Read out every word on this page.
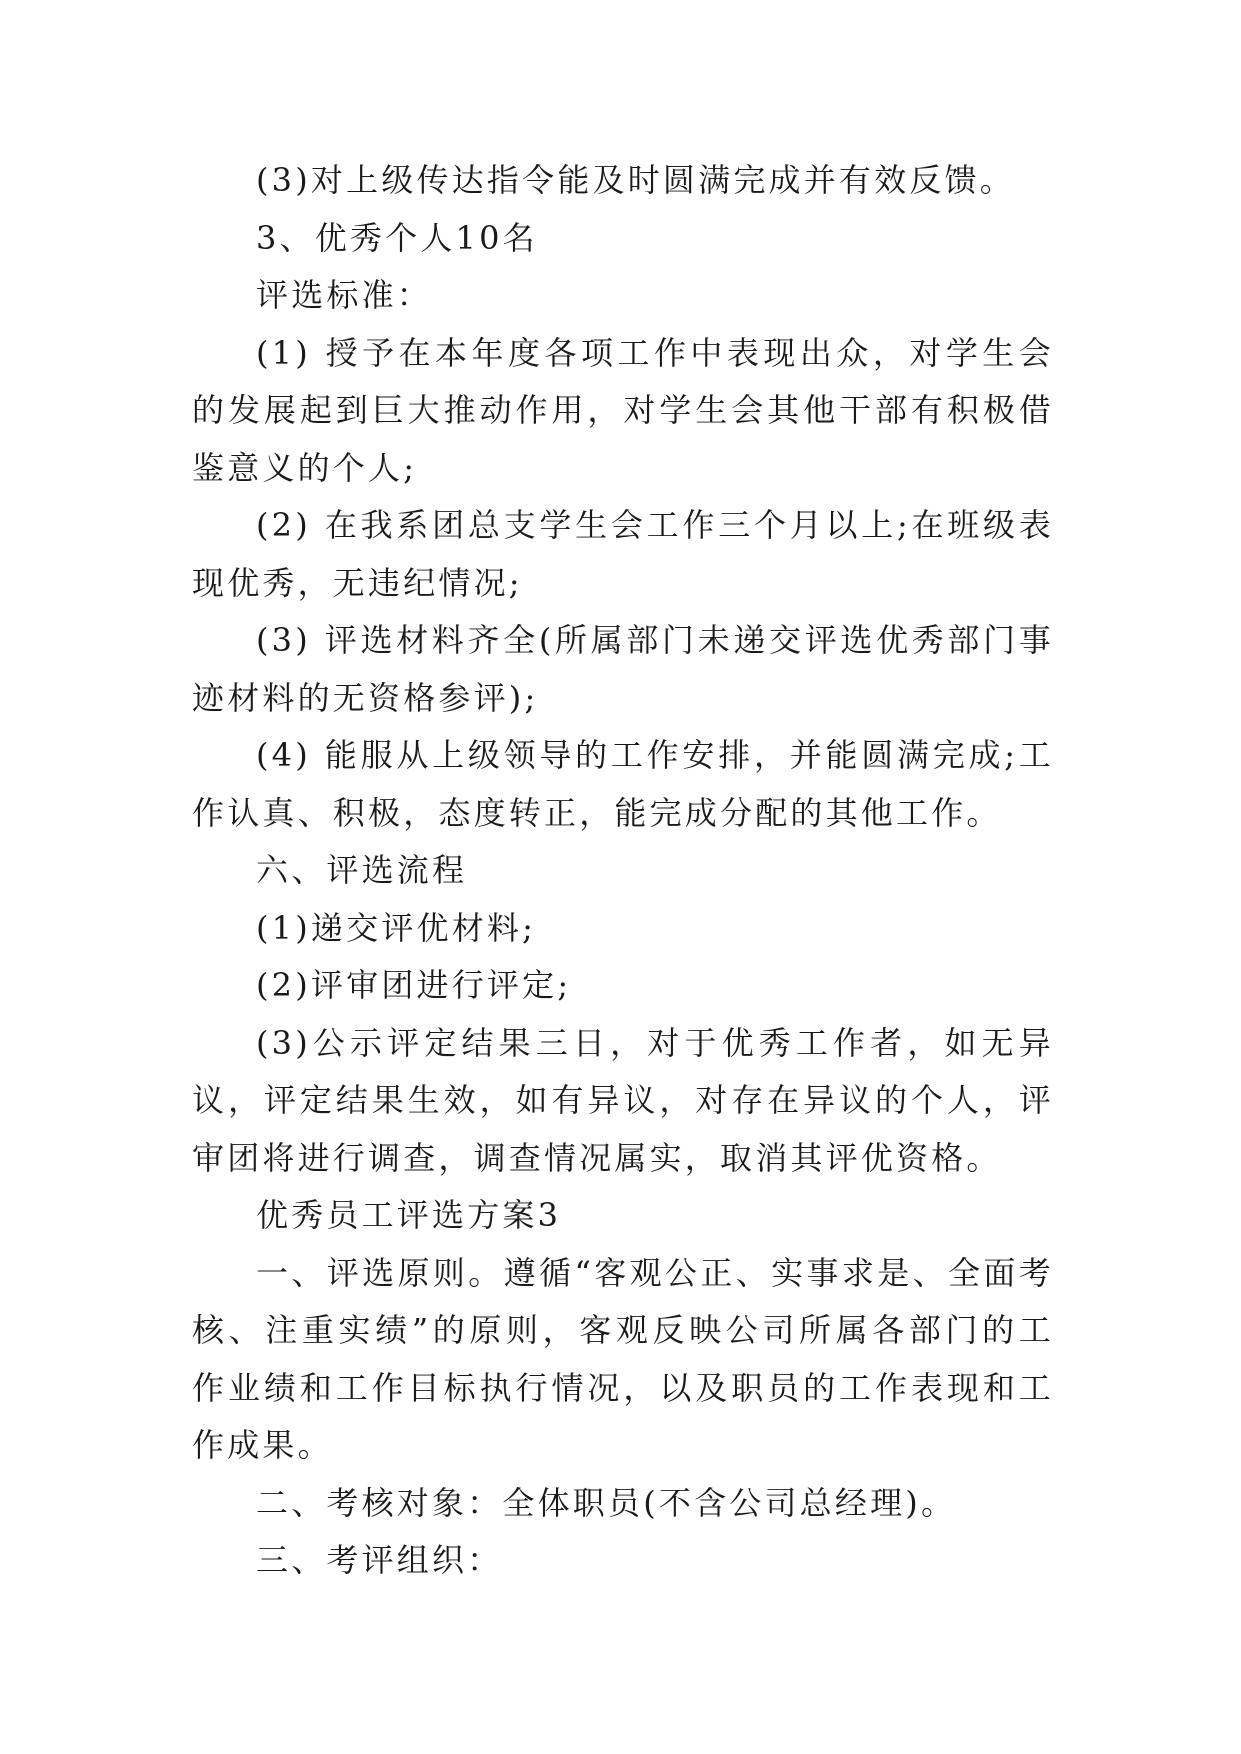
(3)对上级传达指令能及时圆满完成并有效反馈。

3、优秀个人10名

评选标准：

(1) 授予在本年度各项工作中表现出众，对学生会的发展起到巨大推动作用，对学生会其他干部有积极借鉴意义的个人;

(2) 在我系团总支学生会工作三个月以上;在班级表现优秀，无违纪情况;

(3) 评选材料齐全(所属部门未递交评选优秀部门事迹材料的无资格参评);

(4) 能服从上级领导的工作安排，并能圆满完成;工作认真、积极，态度转正，能完成分配的其他工作。

六、评选流程

(1)递交评优材料;

(2)评审团进行评定;

(3)公示评定结果三日，对于优秀工作者，如无异议，评定结果生效，如有异议，对存在异议的个人，评审团将进行调查，调查情况属实，取消其评优资格。

优秀员工评选方案3

一、评选原则。遵循“客观公正、实事求是、全面考核、注重实绩”的原则，客观反映公司所属各部门的工作业绩和工作目标执行情况，以及职员的工作表现和工作成果。

二、考核对象：全体职员(不含公司总经理)。

三、考评组织：
